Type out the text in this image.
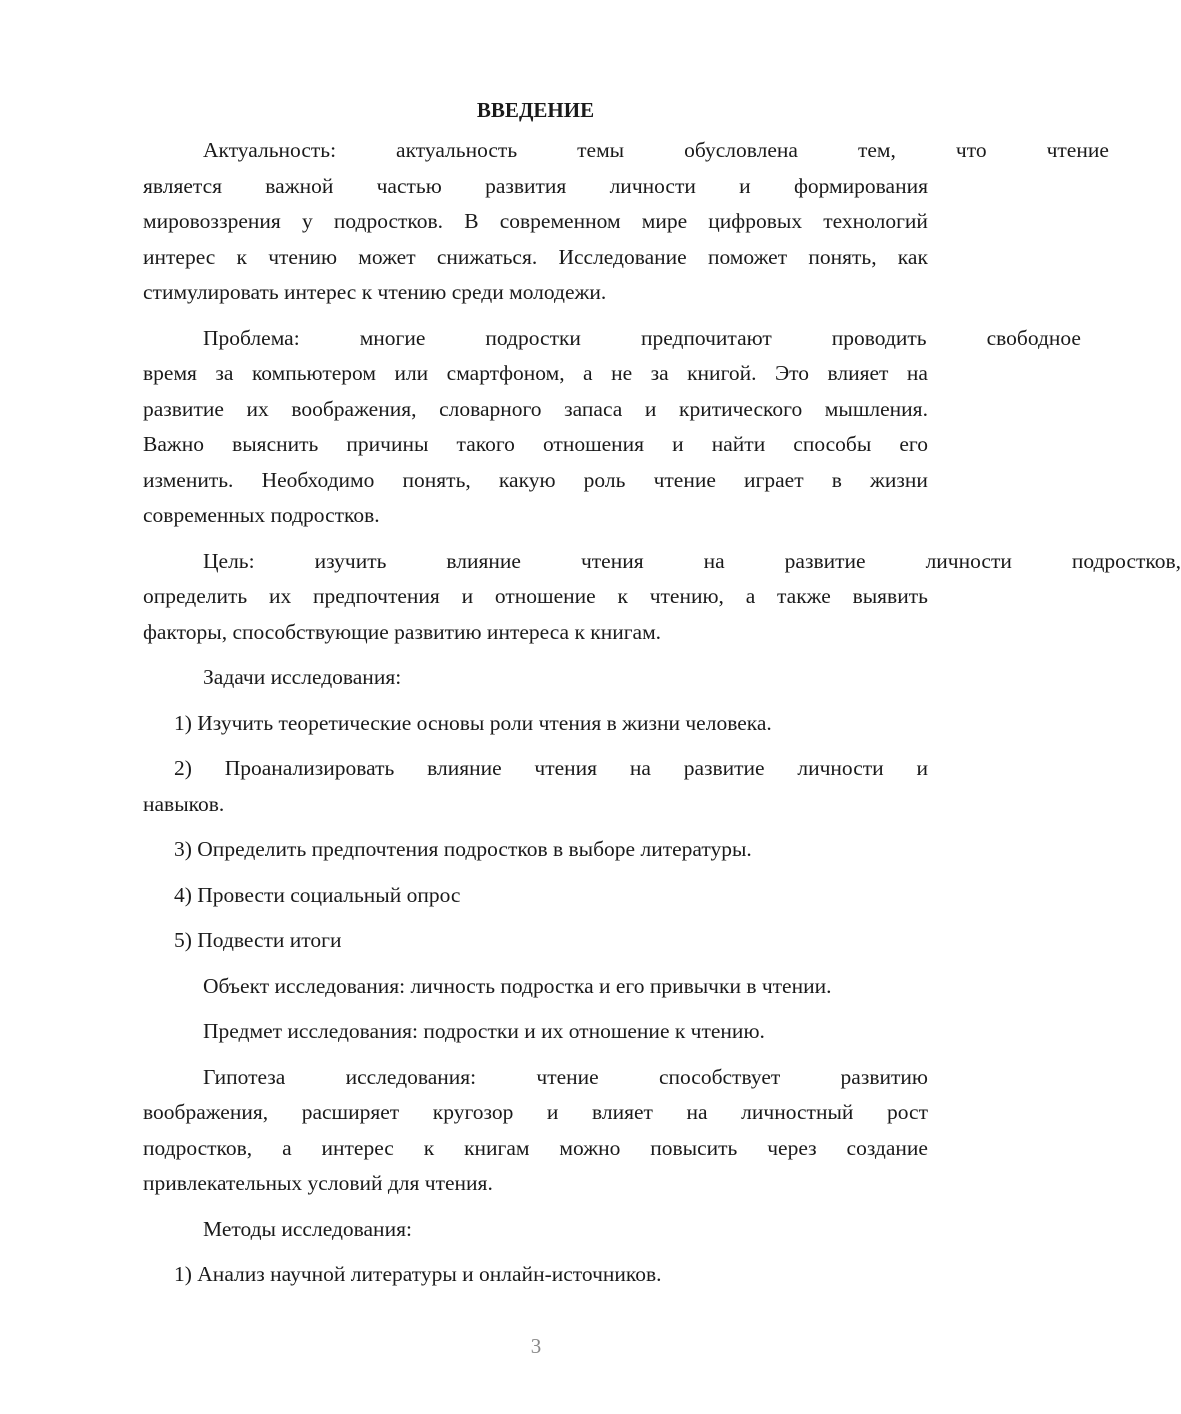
ВВЕДЕНИЕ
Актуальность:	актуальность	темы	обусловлена	тем,	что	чтение
является важной частью развития личности и формирования
мировоззрения у подростков. В современном мире цифровых технологий
интерес к чтению может снижаться. Исследование поможет понять, как
стимулировать интерес к чтению среди молодежи.
Проблема:	многие	подростки	предпочитают	проводить	свободное
время за компьютером или смартфоном, а не за книгой. Это влияет на
развитие их воображения, словарного запаса и критического мышления.
Важно выяснить причины такого отношения и найти способы его
изменить. Необходимо понять, какую роль чтение играет в жизни
современных подростков.
Цель:	изучить	влияние	чтения	на	развитие	личности	подростков,
определить их предпочтения и отношение к чтению, а также выявить
факторы, способствующие развитию интереса к книгам.
Задачи исследования:
1) Изучить теоретические основы роли чтения в жизни человека.
2) Проанализировать влияние чтения на развитие личности и
навыков.
3) Определить предпочтения подростков в выборе литературы.
4) Провести социальный опрос
5) Подвести итоги
Объект исследования: личность подростка и его привычки в чтении.
Предмет исследования: подростки и их отношение к чтению.
Гипотеза	исследования:	чтение	способствует	развитию
воображения, расширяет кругозор и влияет на личностный рост
подростков, а интерес к книгам можно повысить через создание
привлекательных условий для чтения.
Методы исследования:
1) Анализ научной литературы и онлайн-источников.
3
